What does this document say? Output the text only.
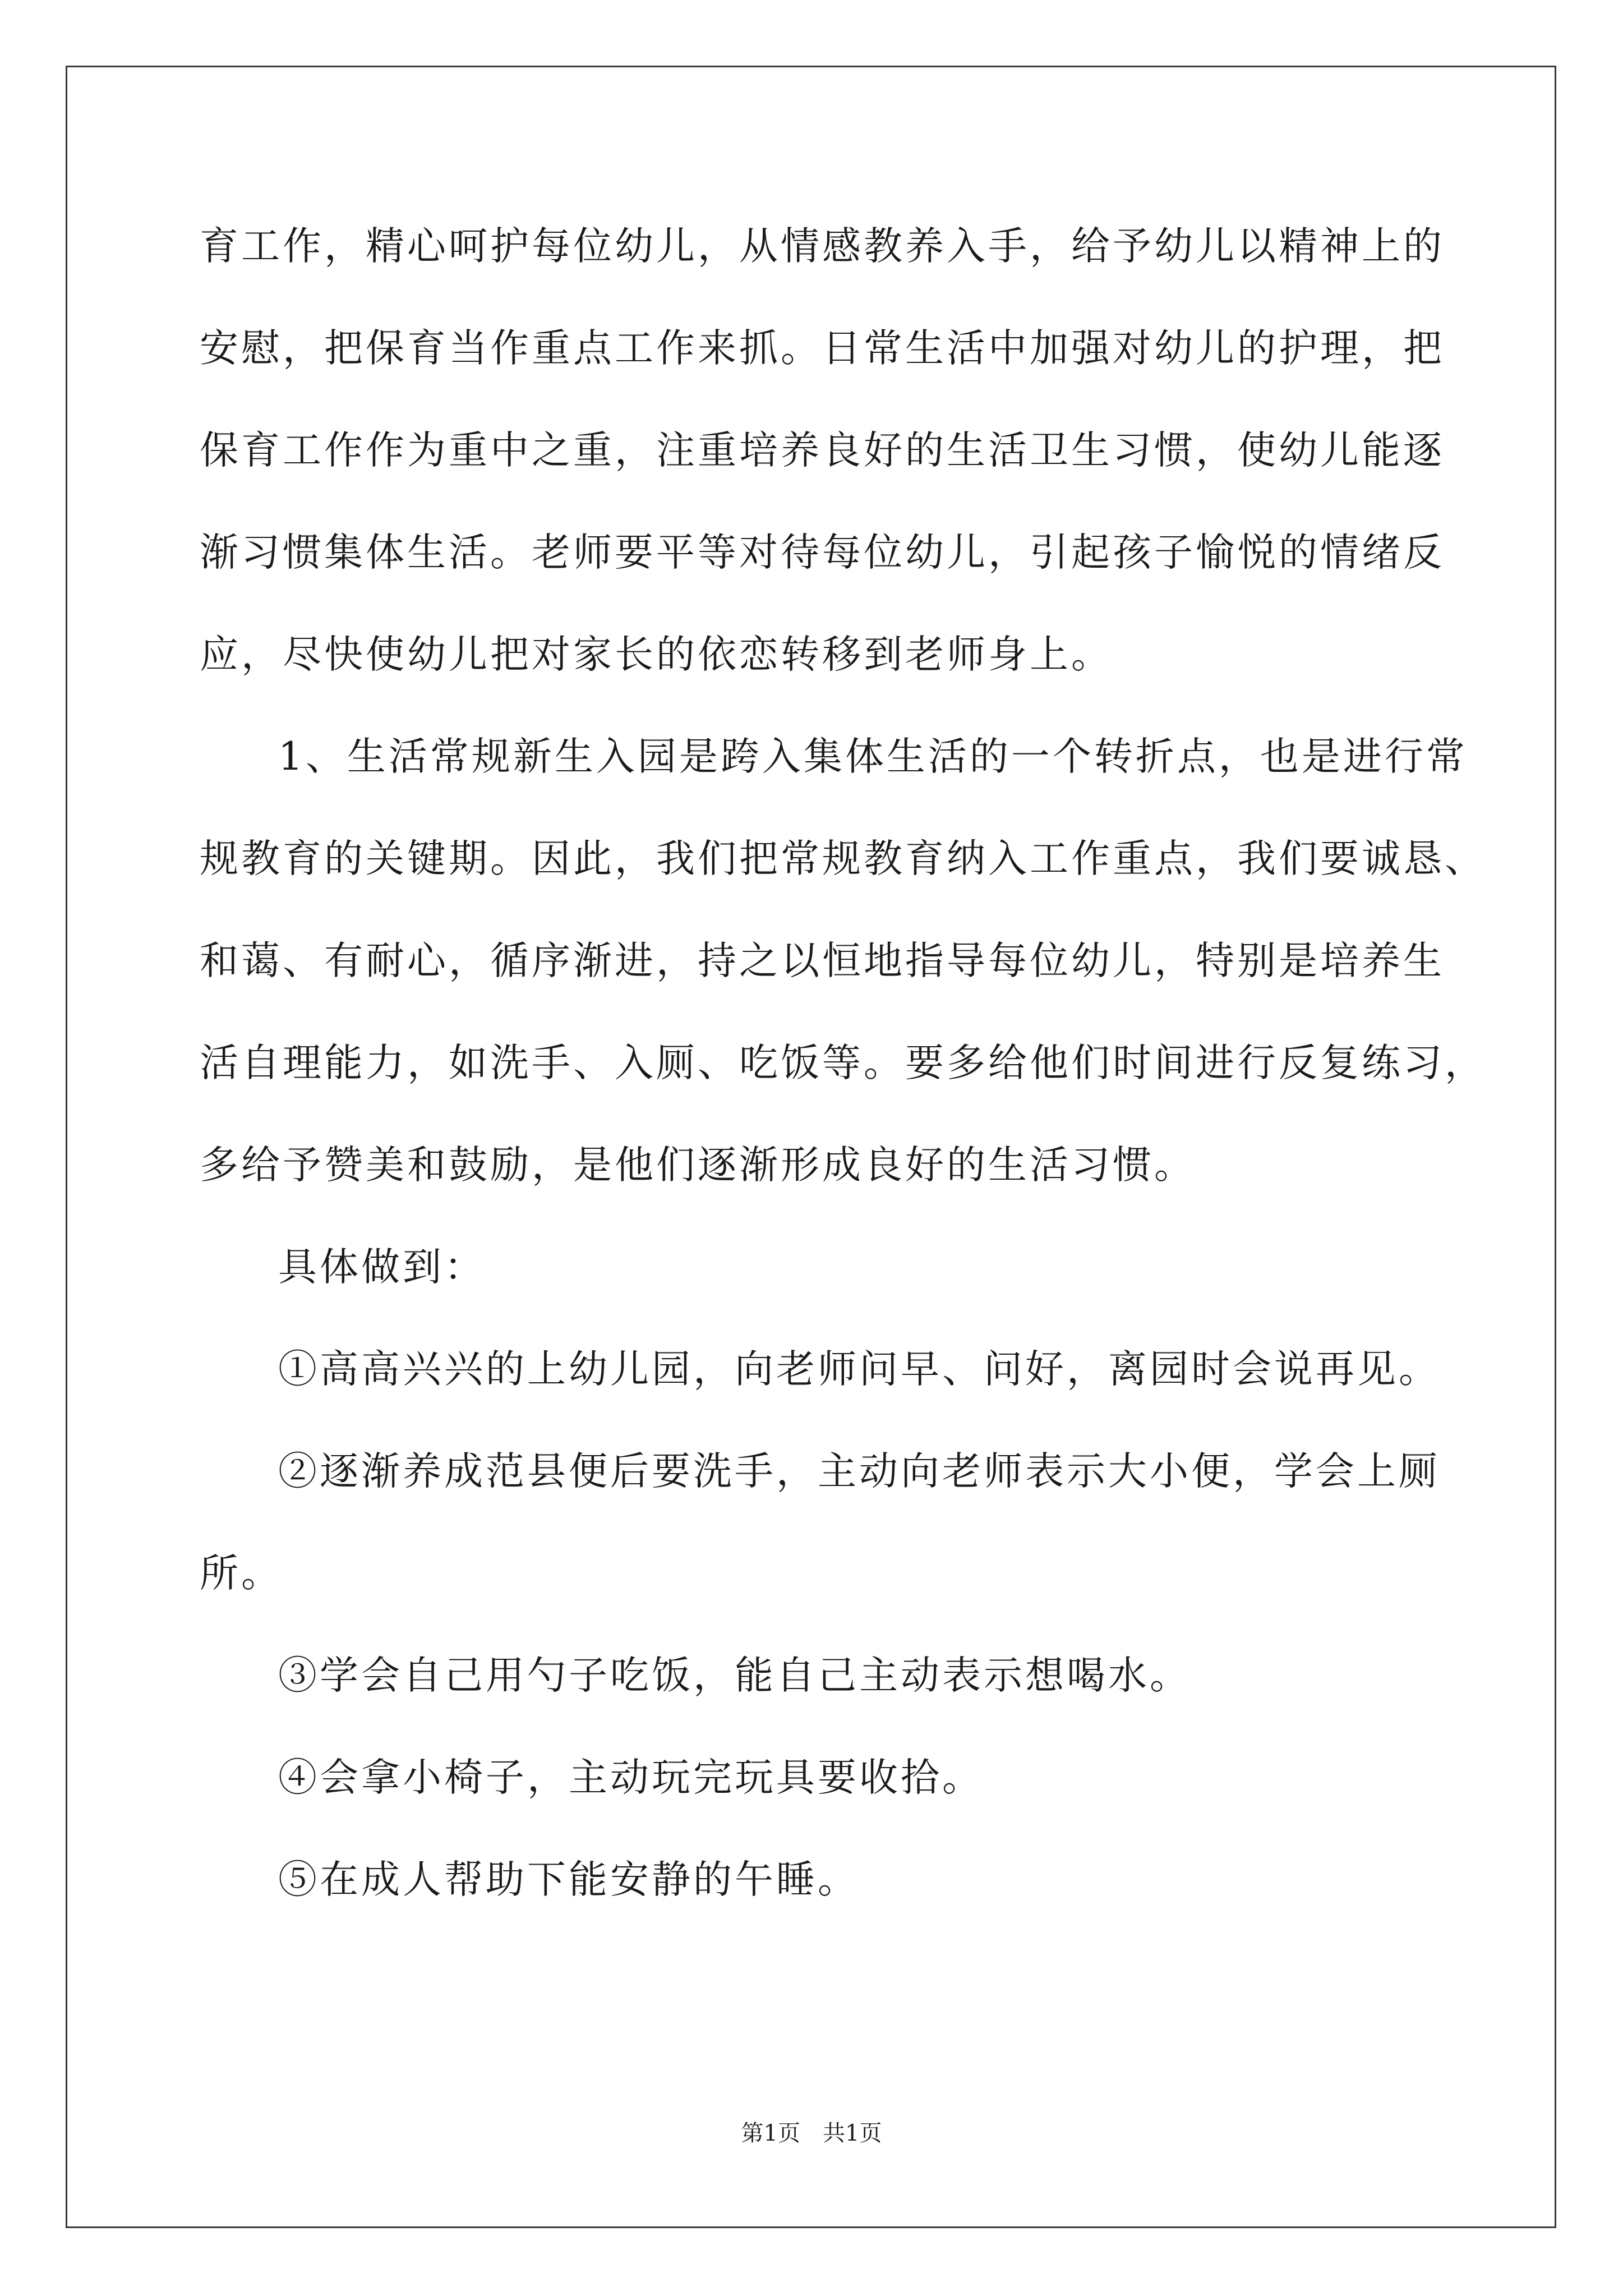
育工作，精心呵护每位幼儿，从情感教养入手，给予幼儿以精神上的
安慰，把保育当作重点工作来抓。日常生活中加强对幼儿的护理，把
保育工作作为重中之重，注重培养良好的生活卫生习惯，使幼儿能逐
渐习惯集体生活。老师要平等对待每位幼儿，引起孩子愉悦的情绪反
应，尽快使幼儿把对家长的依恋转移到老师身上。
1、生活常规新生入园是跨入集体生活的一个转折点，也是进行常
规教育的关键期。因此，我们把常规教育纳入工作重点，我们要诚恳、
和蔼、有耐心，循序渐进，持之以恒地指导每位幼儿，特别是培养生
活自理能力，如洗手、入厕、吃饭等。要多给他们时间进行反复练习，
多给予赞美和鼓励，是他们逐渐形成良好的生活习惯。
具体做到：
①高高兴兴的上幼儿园，向老师问早、问好，离园时会说再见。
②逐渐养成范县便后要洗手，主动向老师表示大小便，学会上厕
所。
③学会自己用勺子吃饭，能自己主动表示想喝水。
④会拿小椅子，主动玩完玩具要收拾。
⑤在成人帮助下能安静的午睡。
第1页　共1页
